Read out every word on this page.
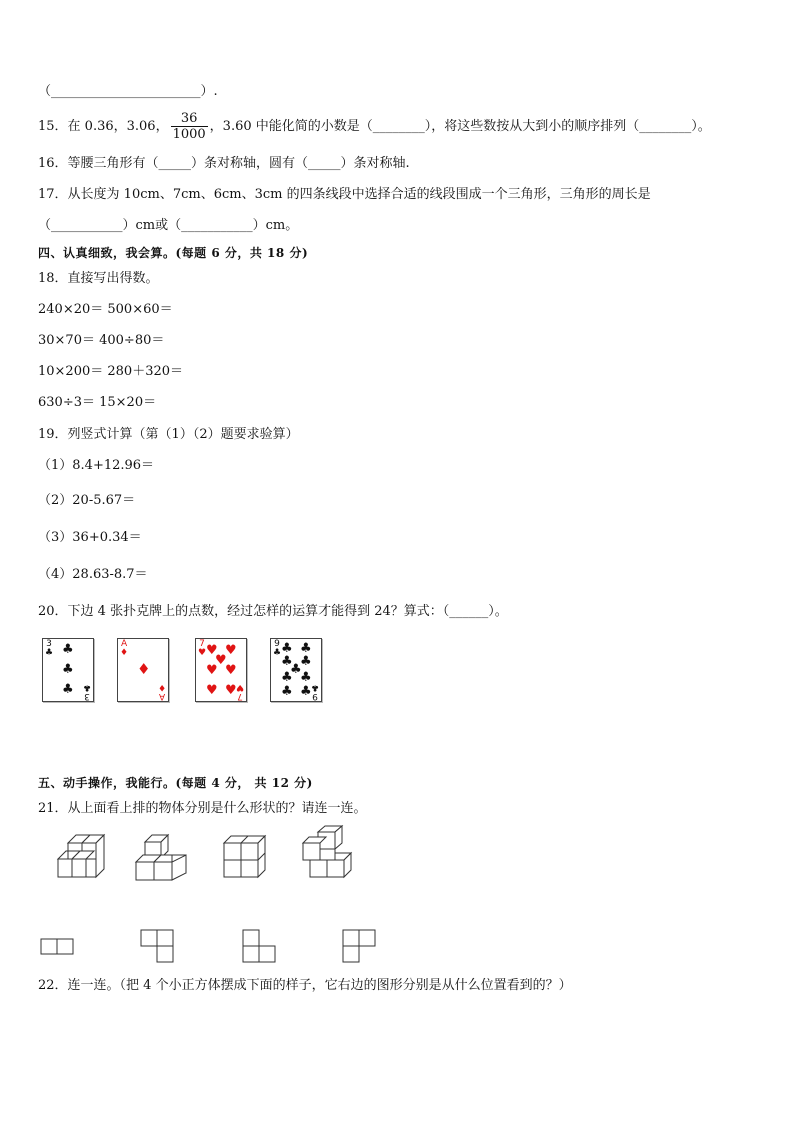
（_______________________）.
15．在 0.36，3.06， $\frac{36}{1000}$ ，3.60 中能化简的小数是（________），将这些数按从大到小的顺序排列（________）。
16．等腰三角形有（_____）条对称轴，圆有（_____）条对称轴.
17．从长度为 10cm、7cm、6cm、3cm 的四条线段中选择合适的线段围成一个三角形，三角形的周长是
（___________）cm或（___________）cm。
四、认真细致，我会算。(每题 6 分，共 18 分)
18．直接写出得数。
240×20＝ 500×60＝
30×70＝ 400÷80＝
10×200＝ 280＋320＝
630÷3＝ 15×20＝
19．列竖式计算（第（1）（2）题要求验算）
（1）8.4+12.96＝
（2）20-5.67＝
（3）36+0.34＝
（4）28.63-8.7＝
20．下边 4 张扑克牌上的点数，经过怎样的运算才能得到 24？算式：（______）。
3
♣ ♣
♣
♣ 3
♣
A
♦
♦
A
♦
7
♥ ♥ ♥
♥
♥ ♥
♥ ♥ 7
♥
9
♣ ♣ ♣
♣ ♣
♣
♣ ♣
♣ ♣ 9
♣
五、动手操作，我能行。(每题 4 分， 共 12 分)
21．从上面看上排的物体分别是什么形状的？请连一连。
22．连一连。（把 4 个小正方体摆成下面的样子，它右边的图形分别是从什么位置看到的？）
